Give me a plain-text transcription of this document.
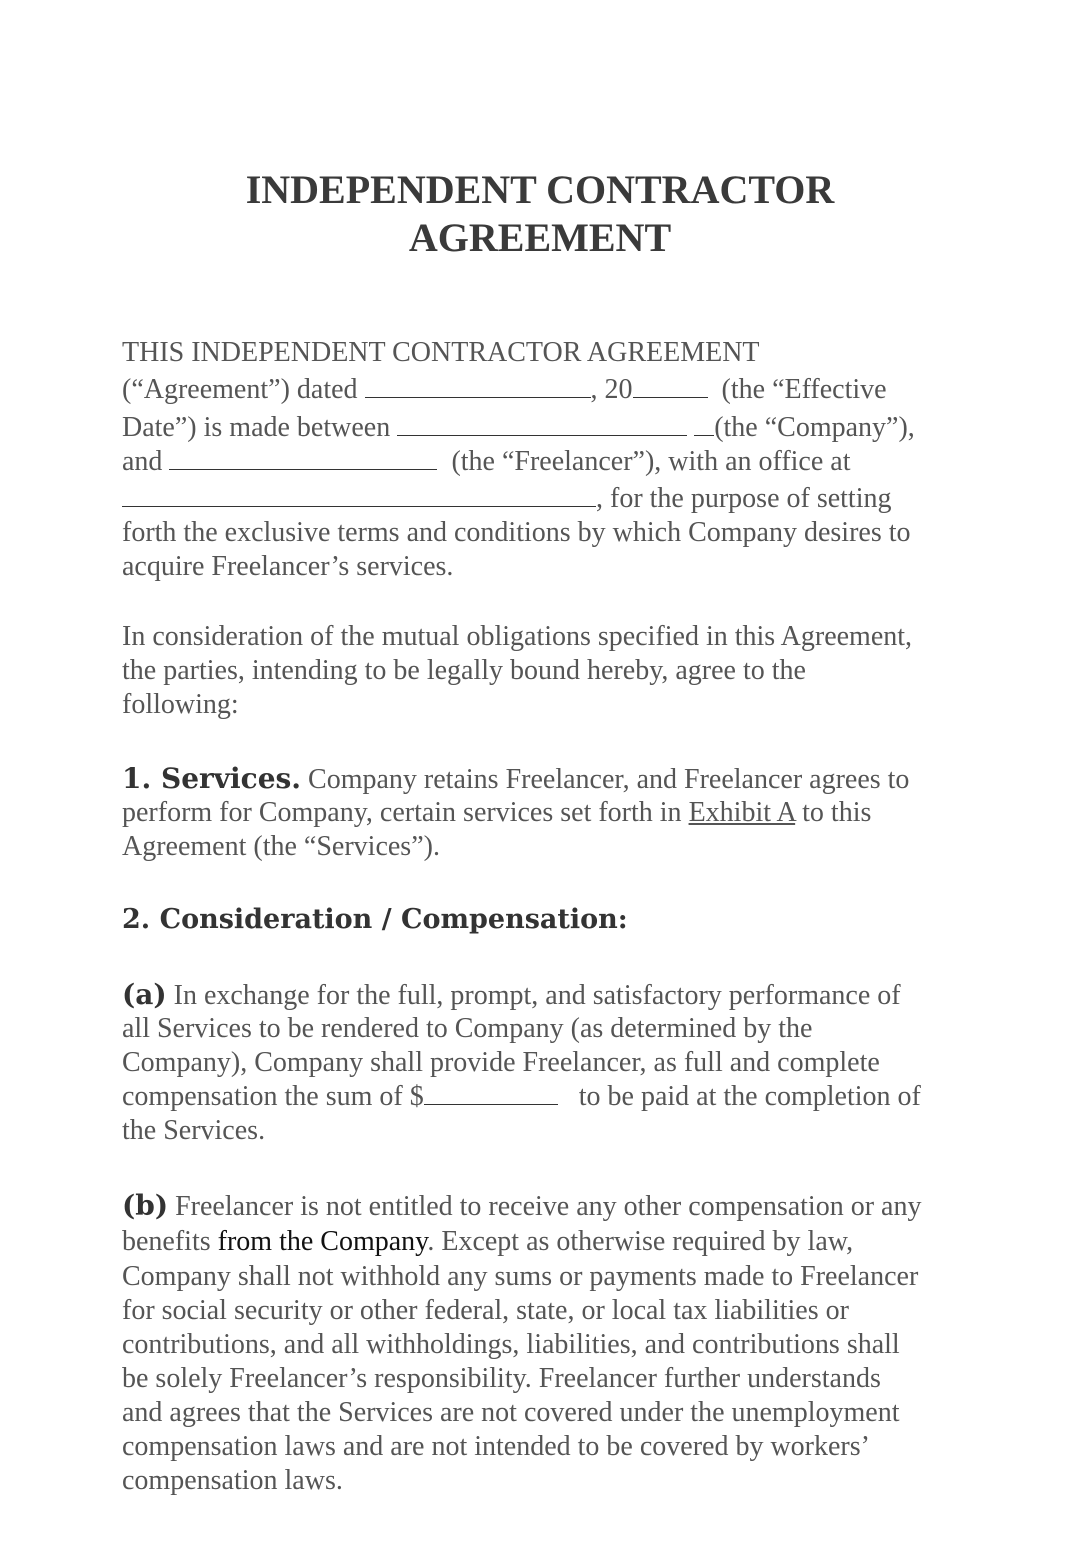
INDEPENDENT CONTRACTOR
AGREEMENT
THIS INDEPENDENT CONTRACTOR AGREEMENT
(“Agreement”) dated	, 20	(the “Effective
Date”) is made between	(the “Company”),
and	(the “Freelancer”), with an office at
, for the purpose of setting
forth the exclusive terms and conditions by which Company desires to
acquire Freelancer’s services.
In consideration of the mutual obligations specified in this Agreement,
the parties, intending to be legally bound hereby, agree to the
following:
1. Services. Company retains Freelancer, and Freelancer agrees to
perform for Company, certain services set forth in Exhibit A to this
Agreement (the “Services”).
2. Consideration / Compensation:
(a) In exchange for the full, prompt, and satisfactory performance of
all Services to be rendered to Company (as determined by the
Company), Company shall provide Freelancer, as full and complete
compensation the sum of $	to be paid at the completion of
the Services.
(b) Freelancer is not entitled to receive any other compensation or any
benefits from the Company. Except as otherwise required by law,
Company shall not withhold any sums or payments made to Freelancer
for social security or other federal, state, or local tax liabilities or
contributions, and all withholdings, liabilities, and contributions shall
be solely Freelancer’s responsibility. Freelancer further understands
and agrees that the Services are not covered under the unemployment
compensation laws and are not intended to be covered by workers’
compensation laws.
